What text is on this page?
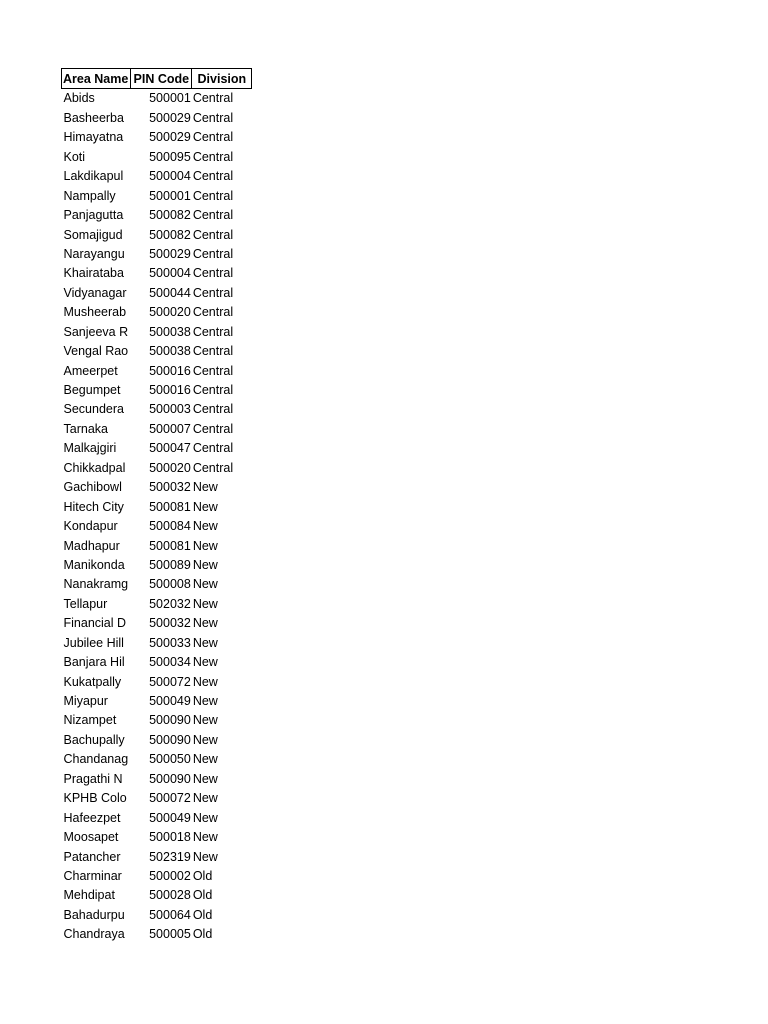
Area Name	PIN Code	Division
Abids	500001	Central
Basheerba	500029	Central
Himayatna	500029	Central
Koti	500095	Central
Lakdikapul	500004	Central
Nampally	500001	Central
Panjagutta	500082	Central
Somajigud	500082	Central
Narayangu	500029	Central
Khairataba	500004	Central
Vidyanagar	500044	Central
Musheerab	500020	Central
Sanjeeva R	500038	Central
Vengal Rao	500038	Central
Ameerpet	500016	Central
Begumpet	500016	Central
Secundera	500003	Central
Tarnaka	500007	Central
Malkajgiri	500047	Central
Chikkadpal	500020	Central
Gachibowl	500032	New
Hitech City	500081	New
Kondapur	500084	New
Madhapur	500081	New
Manikonda	500089	New
Nanakramg	500008	New
Tellapur	502032	New
Financial D	500032	New
Jubilee Hill	500033	New
Banjara Hil	500034	New
Kukatpally	500072	New
Miyapur	500049	New
Nizampet	500090	New
Bachupally	500090	New
Chandanag	500050	New
Pragathi N	500090	New
KPHB Colo	500072	New
Hafeezpet	500049	New
Moosapet	500018	New
Patancher	502319	New
Charminar	500002	Old
Mehdipat	500028	Old
Bahadurpu	500064	Old
Chandraya	500005	Old
